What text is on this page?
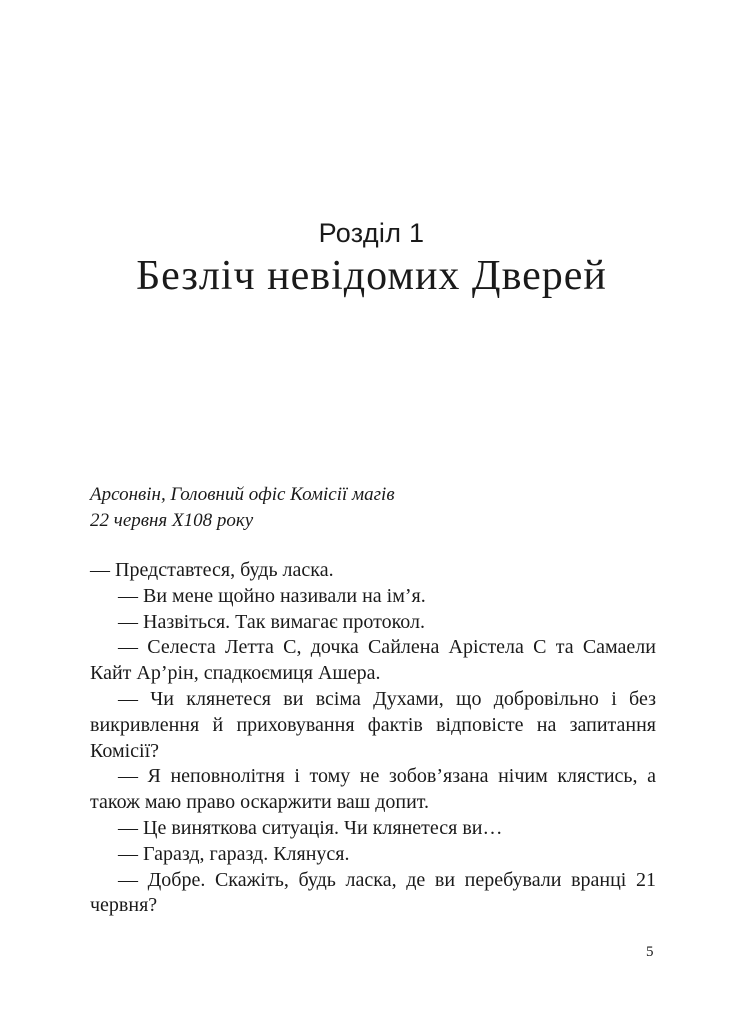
Розділ 1
Безліч невідомих Дверей
Арсонвін, Головний офіс Комісії магів
22 червня Х108 року

— Представтеся, будь ласка.

— Ви мене щойно називали на ім’я.

— Назвіться. Так вимагає протокол.

— Селеста Летта С, дочка Сайлена Арістела С та Самаели Кайт Ар’рін, спадкоємиця Ашера.

— Чи клянетеся ви всіма Духами, що добровільно і без викривлення й приховування фактів відповісте на запитання Комісії?

— Я неповнолітня і тому не зобов’язана нічим клястись, а також маю право оскаржити ваш допит.

— Це виняткова ситуація. Чи клянетеся ви…

— Гаразд, гаразд. Клянуся.

— Добре. Скажіть, будь ласка, де ви перебували вранці 21 червня?

5
